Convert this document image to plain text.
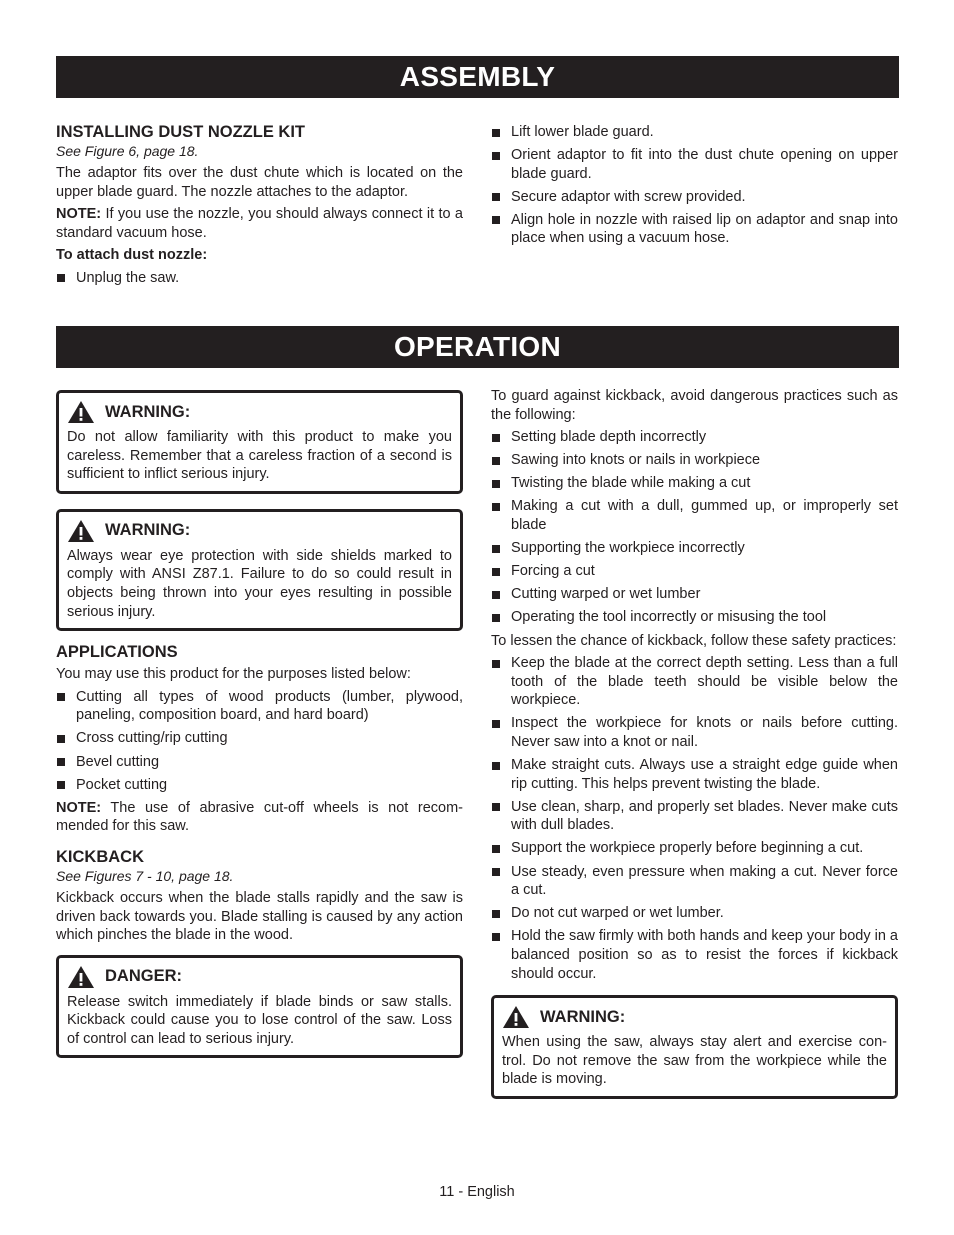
ASSEMBLY
INSTALLING DUST NOZZLE KIT
See Figure 6, page 18.

The adaptor fits over the dust chute which is located on the upper blade guard. The nozzle attaches to the adaptor.

NOTE: If you use the nozzle, you should always connect it to a standard vacuum hose.

To attach dust nozzle:
Unplug the saw.
Lift lower blade guard.
Orient adaptor to fit into the dust chute opening on upper blade guard.
Secure adaptor with screw provided.
Align hole in nozzle with raised lip on adaptor and snap into place when using a vacuum hose.
OPERATION
WARNING:
Do not allow familiarity with this product to make you careless. Remember that a careless fraction of a second is sufficient to inflict serious injury.
WARNING:
Always wear eye protection with side shields marked to comply with ANSI Z87.1. Failure to do so could result in objects being thrown into your eyes resulting in possible serious injury.
APPLICATIONS

You may use this product for the purposes listed below:

Cutting all types of wood products (lumber, plywood, paneling, composition board, and hard board)
Cross cutting/rip cutting
Bevel cutting
Pocket cutting

NOTE: The use of abrasive cut-off wheels is not recom-mended for this saw.

KICKBACK
See Figures 7 - 10, page 18.

Kickback occurs when the blade stalls rapidly and the saw is driven back towards you. Blade stalling is caused by any action which pinches the blade in the wood.

DANGER:
Release switch immediately if blade binds or saw stalls. Kickback could cause you to lose control of the saw. Loss of control can lead to serious injury.

To guard against kickback, avoid dangerous practices such as the following:

Setting blade depth incorrectly
Sawing into knots or nails in workpiece
Twisting the blade while making a cut
Making a cut with a dull, gummed up, or improperly set blade
Supporting the workpiece incorrectly
Forcing a cut
Cutting warped or wet lumber
Operating the tool incorrectly or misusing the tool

To lessen the chance of kickback, follow these safety practices:

Keep the blade at the correct depth setting. Less than a full tooth of the blade teeth should be visible below the workpiece.
Inspect the workpiece for knots or nails before cutting. Never saw into a knot or nail.
Make straight cuts. Always use a straight edge guide when rip cutting. This helps prevent twisting the blade.
Use clean, sharp, and properly set blades. Never make cuts with dull blades.
Support the workpiece properly before beginning a cut.
Use steady, even pressure when making a cut. Never force a cut.
Do not cut warped or wet lumber.
Hold the saw firmly with both hands and keep your body in a balanced position so as to resist the forces if kickback should occur.
WARNING:
When using the saw, always stay alert and exercise con-trol. Do not remove the saw from the workpiece while the blade is moving.
11 - English
